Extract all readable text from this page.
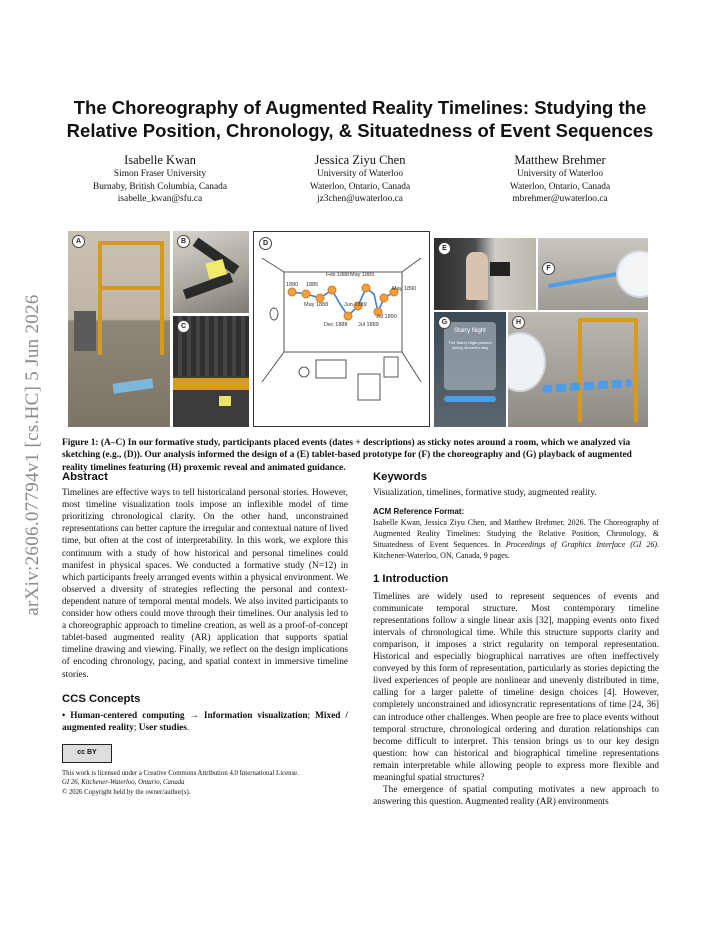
arXiv:2606.07794v1 [cs.HC] 5 Jun 2026
The Choreography of Augmented Reality Timelines: Studying the
Relative Position, Chronology, & Situatedness of Event Sequences
Isabelle Kwan
Simon Fraser University
Burnaby, British Columbia, Canada
isabelle_kwan@sfu.ca
Jessica Ziyu Chen
University of Waterloo
Waterloo, Ontario, Canada
jz3chen@uwaterloo.ca
Matthew Brehmer
University of Waterloo
Waterloo, Ontario, Canada
mbrehmer@uwaterloo.ca
A	B
C
1880 1885
Feb 1888 May 1889
May 1888	Jun 1889
Dec 1888 Jul 1889
May 1890
Jul 1890
D
E
F
Starry Night
The Starry Night painted during Vincent's stay
G	H
Figure 1: (A–C) In our formative study, participants placed events (dates + descriptions) as sticky notes around a room, which we analyzed via sketching (e.g., (D)). Our analysis informed the design of a (E) tablet-based prototype for (F) the choreography and (G) playback of augmented reality timelines featuring (H) proxemic reveal and animated guidance.
Abstract

Timelines are effective ways to tell historicaland personal stories. However, most timeline visualization tools impose an inflexible model of time prioritizing chronological clarity. On the other hand, unconstrained representations can better capture the irregular and contextual nature of lived time, but often at the cost of interpretability. In this work, we explore this continuum with a study of how historical and personal timelines could manifest in physical spaces. We conducted a formative study (N=12) in which participants freely arranged events within a physical environment. We observed a diversity of strategies reflecting the personal and context-dependent nature of temporal mental models. We also invited participants to consider how others could move through their timelines. Our analysis led to a choreographic approach to timeline creation, as well as a proof-of-concept tablet-based augmented reality (AR) application that supports spatial timeline drawing and viewing. Finally, we reflect on the design implications of encoding chronology, pacing, and spatial context in immersive timeline stories.

CCS Concepts

• Human-centered computing → Information visualization; Mixed / augmented reality; User studies.

cc BY
This work is licensed under a Creative Commons Attribution 4.0 International License.
GI 26, Kitchener-Waterloo, Ontario, Canada
© 2026 Copyright held by the owner/author(s).
Keywords

Visualization, timelines, formative study, augmented reality.

ACM Reference Format:

Isabelle Kwan, Jessica Ziyu Chen, and Matthew Brehmer. 2026. The Choreography of Augmented Reality Timelines: Studying the Relative Position, Chronology, & Situatedness of Event Sequences. In Proceedings of Graphics Interface (GI 26). Kitchener-Waterloo, ON, Canada, 9 pages.

1 Introduction

Timelines are widely used to represent sequences of events and communicate temporal structure. Most contemporary timeline representations follow a single linear axis [32], mapping events onto fixed intervals of chronological time. While this structure supports clarity and comparison, it imposes a strict regularity on temporal representation. Historical and especially biographical narratives are often ineffectively conveyed by this form of representation, particularly as stories depicting the lived experiences of people are nonlinear and unevenly distributed in time, calling for a larger palette of timeline design choices [4]. However, completely unconstrained and idiosyncratic representations of time [24, 36] can introduce other challenges. When people are free to place events without temporal structure, chronological ordering and duration relationships can become difficult to interpret. This tension brings us to our key design question: how can historical and biographical timeline representations remain interpretable while allowing people to express more flexible and meaningful spatial structures?

The emergence of spatial computing motivates a new approach to answering this question. Augmented reality (AR) environments
